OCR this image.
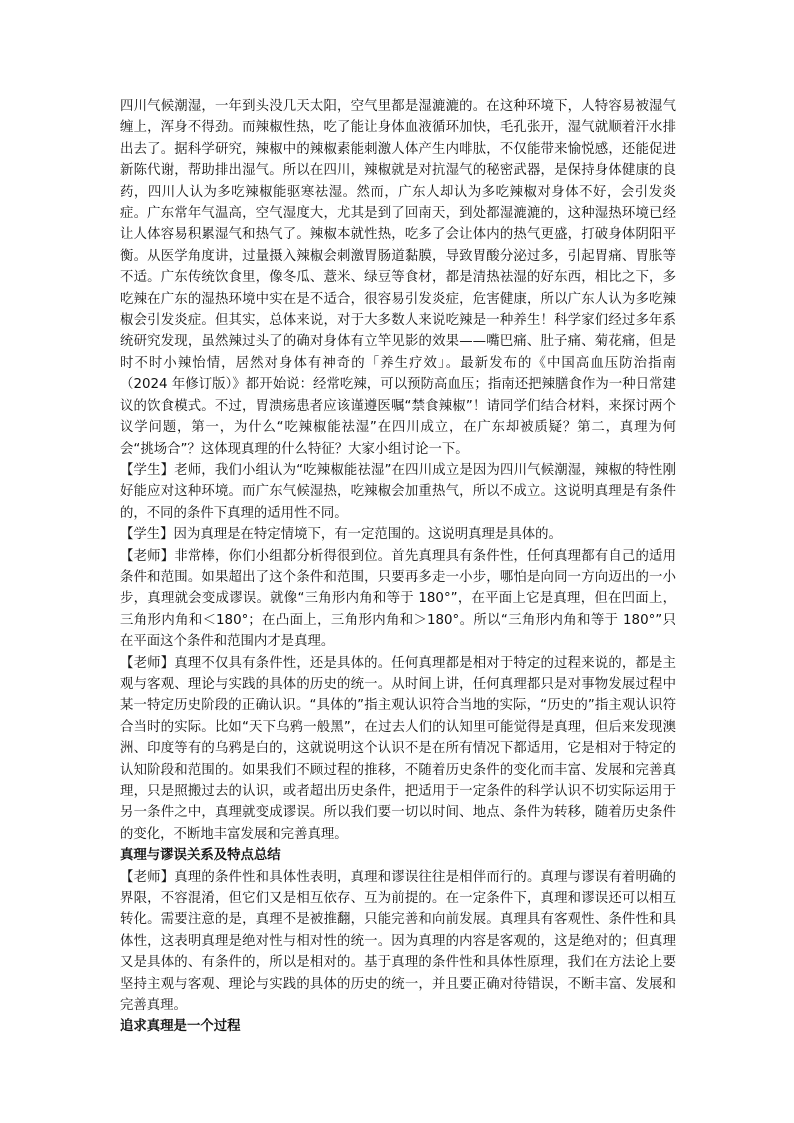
四川气候潮湿，一年到头没几天太阳，空气里都是湿漉漉的。在这种环境下，人特容易被湿气缠上，浑身不得劲。而辣椒性热，吃了能让身体血液循环加快，毛孔张开，湿气就顺着汗水排出去了。据科学研究，辣椒中的辣椒素能刺激人体产生内啡肽，不仅能带来愉悦感，还能促进新陈代谢，帮助排出湿气。所以在四川，辣椒就是对抗湿气的秘密武器，是保持身体健康的良药，四川人认为多吃辣椒能驱寒祛湿。然而，广东人却认为多吃辣椒对身体不好，会引发炎症。广东常年气温高，空气湿度大，尤其是到了回南天，到处都湿漉漉的，这种湿热环境已经让人体容易积累湿气和热气了。辣椒本就性热，吃多了会让体内的热气更盛，打破身体阴阳平衡。从医学角度讲，过量摄入辣椒会刺激胃肠道黏膜，导致胃酸分泌过多，引起胃痛、胃胀等不适。广东传统饮食里，像冬瓜、薏米、绿豆等食材，都是清热祛湿的好东西，相比之下，多吃辣在广东的湿热环境中实在是不适合，很容易引发炎症，危害健康，所以广东人认为多吃辣椒会引发炎症。但其实，总体来说，对于大多数人来说吃辣是一种养生！科学家们经过多年系统研究发现，虽然辣过头了的确对身体有立竿见影的效果——嘴巴痛、肚子痛、菊花痛，但是时不时小辣怡情，居然对身体有神奇的「养生疗效」。最新发布的《中国高血压防治指南（2024 年修订版）》都开始说：经常吃辣，可以预防高血压；指南还把辣膳食作为一种日常建议的饮食模式。不过，胃溃疡患者应该谨遵医嘱“禁食辣椒”！请同学们结合材料，来探讨两个议学问题，第一，为什么“吃辣椒能祛湿”在四川成立，在广东却被质疑？第二，真理为何会“挑场合”？这体现真理的什么特征？大家小组讨论一下。

【学生】老师，我们小组认为“吃辣椒能祛湿”在四川成立是因为四川气候潮湿，辣椒的特性刚好能应对这种环境。而广东气候湿热，吃辣椒会加重热气，所以不成立。这说明真理是有条件的，不同的条件下真理的适用性不同。

【学生】因为真理是在特定情境下，有一定范围的。这说明真理是具体的。

【老师】非常棒，你们小组都分析得很到位。首先真理具有条件性，任何真理都有自己的适用条件和范围。如果超出了这个条件和范围，只要再多走一小步，哪怕是向同一方向迈出的一小步，真理就会变成谬误。就像“三角形内角和等于 180°”，在平面上它是真理，但在凹面上，三角形内角和＜180°；在凸面上，三角形内角和＞180°。所以“三角形内角和等于 180°”只在平面这个条件和范围内才是真理。

【老师】真理不仅具有条件性，还是具体的。任何真理都是相对于特定的过程来说的，都是主观与客观、理论与实践的具体的历史的统一。从时间上讲，任何真理都只是对事物发展过程中某一特定历史阶段的正确认识。“具体的”指主观认识符合当地的实际，“历史的”指主观认识符合当时的实际。比如“天下乌鸦一般黑”，在过去人们的认知里可能觉得是真理，但后来发现澳洲、印度等有的乌鸦是白的，这就说明这个认识不是在所有情况下都适用，它是相对于特定的认知阶段和范围的。如果我们不顾过程的推移，不随着历史条件的变化而丰富、发展和完善真理，只是照搬过去的认识，或者超出历史条件，把适用于一定条件的科学认识不切实际运用于另一条件之中，真理就变成谬误。所以我们要一切以时间、地点、条件为转移，随着历史条件的变化，不断地丰富发展和完善真理。

真理与谬误关系及特点总结

【老师】真理的条件性和具体性表明，真理和谬误往往是相伴而行的。真理与谬误有着明确的界限，不容混淆，但它们又是相互依存、互为前提的。在一定条件下，真理和谬误还可以相互转化。需要注意的是，真理不是被推翻，只能完善和向前发展。真理具有客观性、条件性和具体性，这表明真理是绝对性与相对性的统一。因为真理的内容是客观的，这是绝对的；但真理又是具体的、有条件的，所以是相对的。基于真理的条件性和具体性原理，我们在方法论上要坚持主观与客观、理论与实践的具体的历史的统一，并且要正确对待错误，不断丰富、发展和完善真理。

追求真理是一个过程
